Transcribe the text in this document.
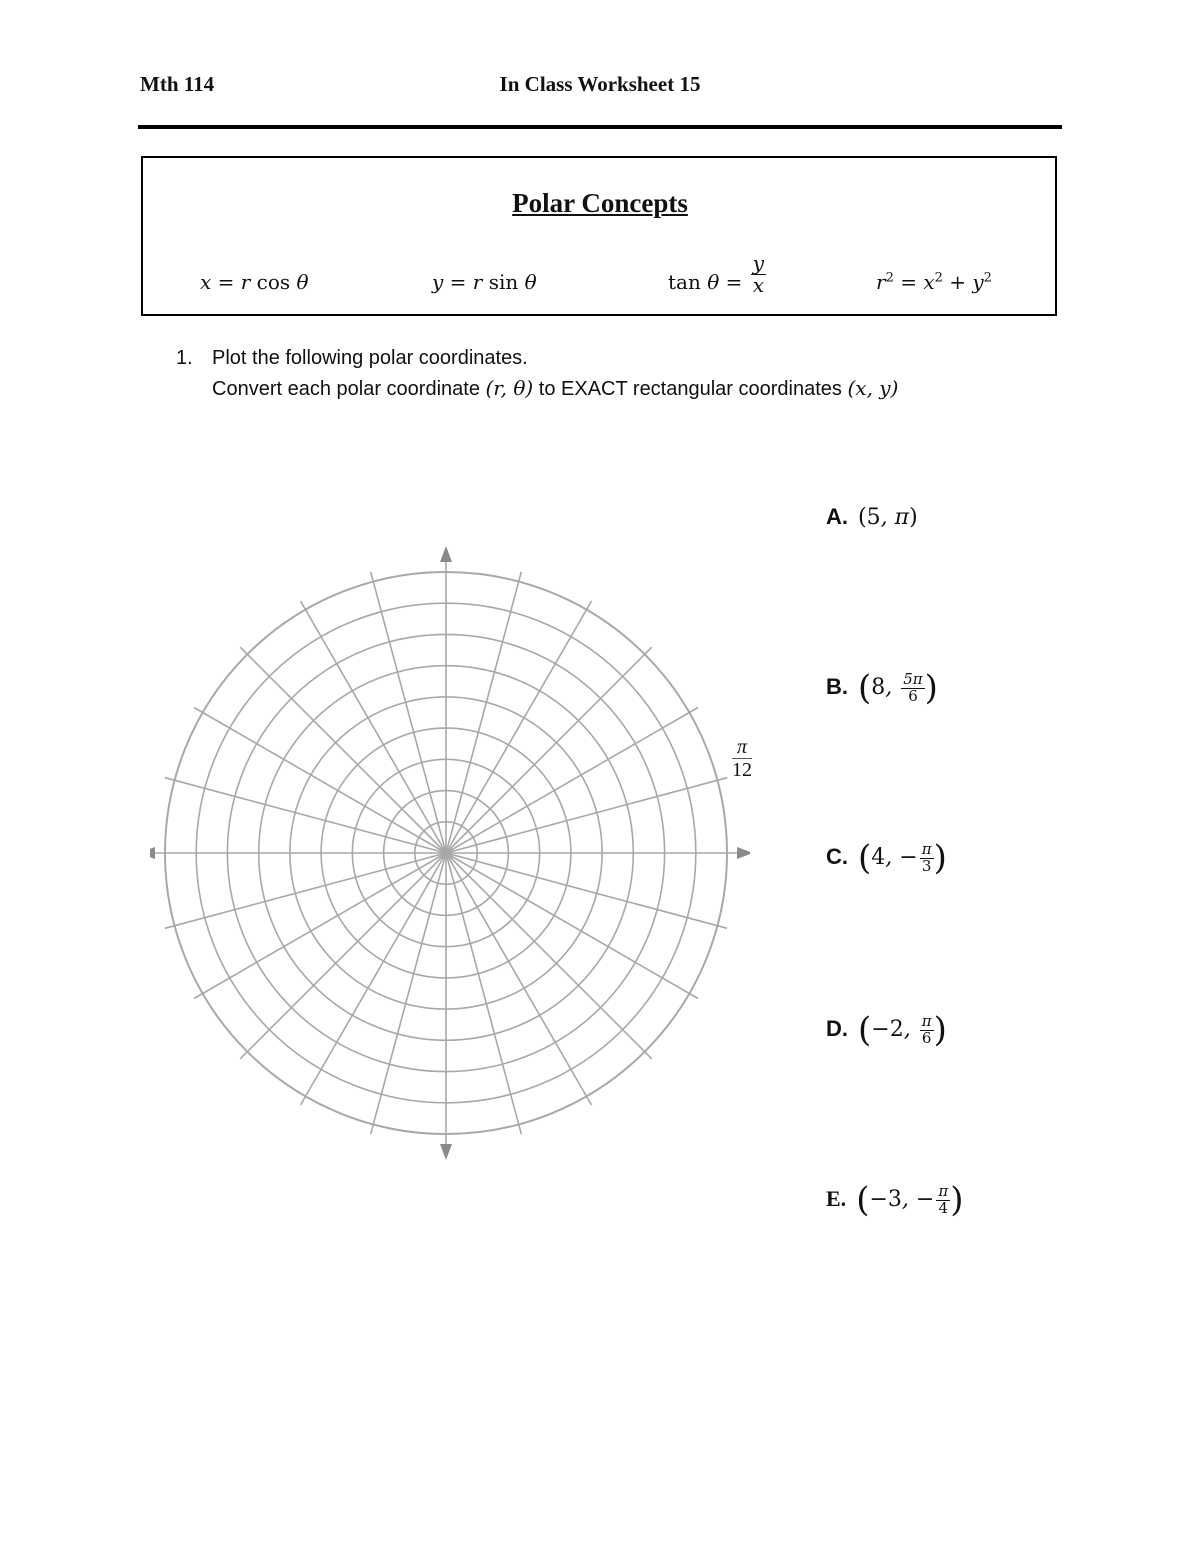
Mth 114	In Class Worksheet 15
Polar Concepts
x = r cos θ	y = r sin θ	$\tan \theta = \frac{y}{x}$	$r^2 = x^2 + y^2$
1. Plot the following polar coordinates.
Convert each polar coordinate (r, θ) to EXACT rectangular coordinates (x, y)
$\frac{\pi}{12}$
A. (5, π)
B. (8, $\frac{5\pi}{6}$ )
C. (4, − $\frac{\pi}{3}$ )
D. (−2, $\frac{\pi}{6}$ )
E. (−3, − $\frac{\pi}{4}$ )
